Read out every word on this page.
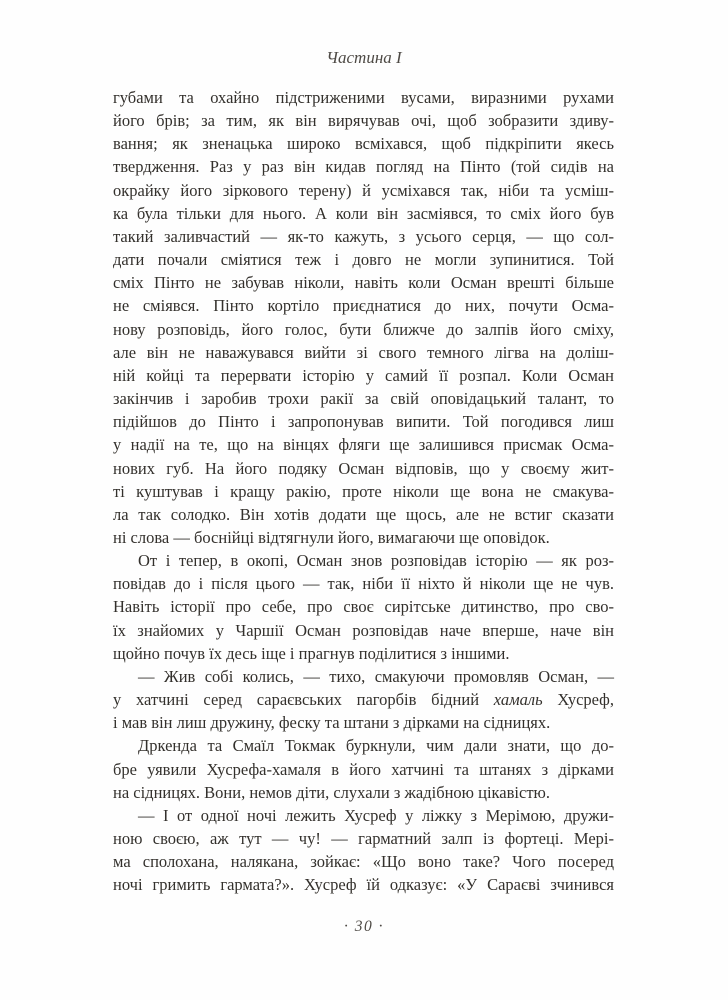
Частина I
губами та охайно підстриженими вусами, виразними рухами
його брів; за тим, як він вирячував очі, щоб зобразити здиву-
вання; як зненацька широко всміхався, щоб підкріпити якесь
твердження. Раз у раз він кидав погляд на Пінто (той сидів на
окрайку його зіркового терену) й усміхався так, ніби та усміш-
ка була тільки для нього. А коли він засміявся, то сміх його був
такий заливчастий — як-то кажуть, з усього серця, — що сол-
дати почали сміятися теж і довго не могли зупинитися. Той
сміх Пінто не забував ніколи, навіть коли Осман врешті більше
не сміявся. Пінто кортіло приєднатися до них, почути Осма-
нову розповідь, його голос, бути ближче до залпів його сміху,
але він не наважувався вийти зі свого темного лігва на доліш-
ній койці та перервати історію у самий її розпал. Коли Осман
закінчив і заробив трохи ракії за свій оповідацький талант, то
підійшов до Пінто і запропонував випити. Той погодився лиш
у надії на те, що на вінцях фляги ще залишився присмак Осма-
нових губ. На його подяку Осман відповів, що у своєму жит-
ті куштував і кращу ракію, проте ніколи ще вона не смакува-
ла так солодко. Він хотів додати ще щось, але не встиг сказати
ні слова — боснійці відтягнули його, вимагаючи ще оповідок.
От і тепер, в окопі, Осман знов розповідав історію — як роз-
повідав до і після цього — так, ніби її ніхто й ніколи ще не чув.
Навіть історії про себе, про своє сирітське дитинство, про сво-
їх знайомих у Чаршії Осман розповідав наче вперше, наче він
щойно почув їх десь іще і прагнув поділитися з іншими.
— Жив собі колись, — тихо, смакуючи промовляв Осман, —
у хатчині серед сараєвських пагорбів бідний хамаль Хусреф,
і мав він лиш дружину, феску та штани з дірками на сідницях.
Дркенда та Смаїл Токмак буркнули, чим дали знати, що до-
бре уявили Хусрефа-хамаля в його хатчині та штанях з дірками
на сідницях. Вони, немов діти, слухали з жадібною цікавістю.
— І от одної ночі лежить Хусреф у ліжку з Мерімою, дружи-
ною своєю, аж тут — чу! — гарматний залп із фортеці. Мері-
ма сполохана, налякана, зойкає: «Що воно таке? Чого посеред
ночі гримить гармата?». Хусреф їй одказує: «У Сараєві зчинився
· 30 ·
